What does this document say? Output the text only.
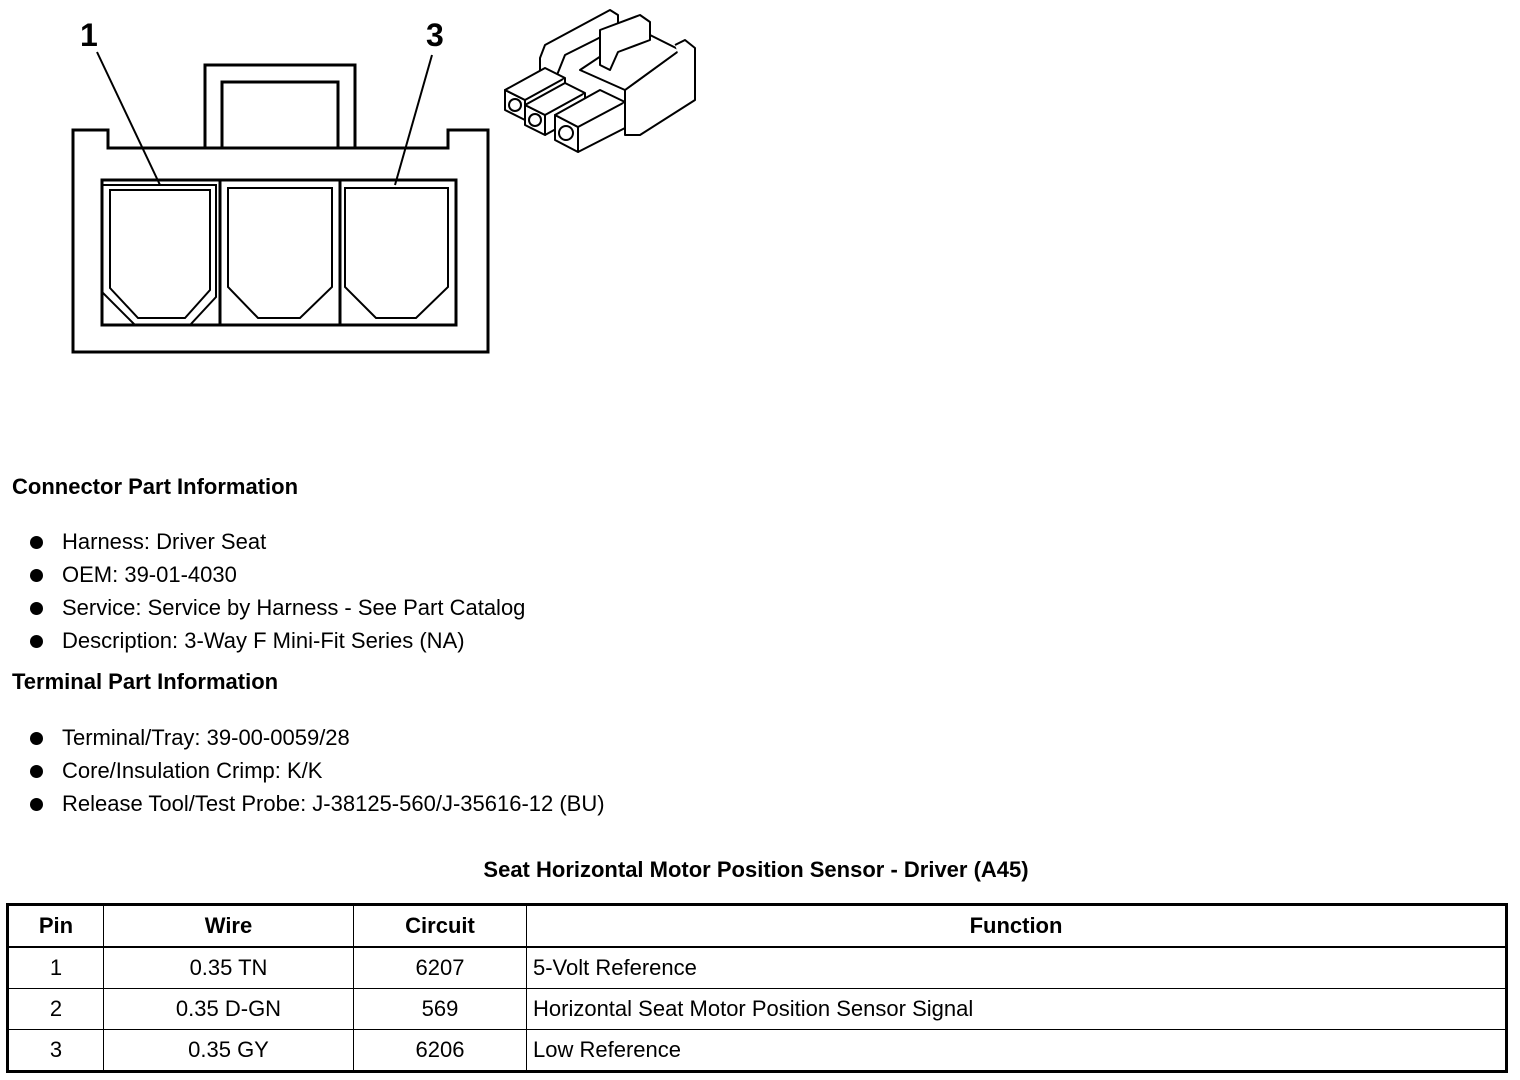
1	3
Connector Part Information
Harness: Driver Seat
OEM: 39-01-4030
Service: Service by Harness - See Part Catalog
Description: 3-Way F Mini-Fit Series (NA)
Terminal Part Information
Terminal/Tray: 39-00-0059/28
Core/Insulation Crimp: K/K
Release Tool/Test Probe: J-38125-560/J-35616-12 (BU)
Seat Horizontal Motor Position Sensor - Driver (A45)
Pin	Wire	Circuit	Function
1	0.35 TN	6207	5-Volt Reference
2	0.35 D-GN	569	Horizontal Seat Motor Position Sensor Signal
3	0.35 GY	6206	Low Reference
